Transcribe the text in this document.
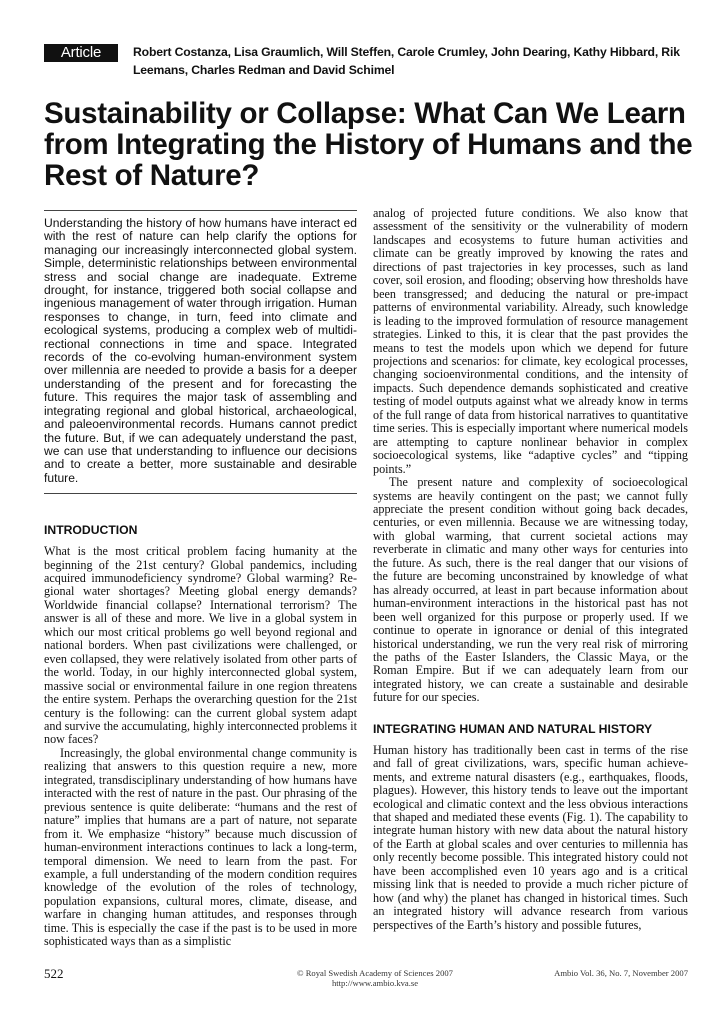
Article	Robert Costanza, Lisa Graumlich, Will Steffen, Carole Crumley, John Dearing, Kathy Hibbard, Rik Leemans, Charles Redman and David Schimel
Sustainability or Collapse: What Can We Learn from Integrating the History of Humans and the Rest of Nature?

Understanding the history of how humans have interact ed with the rest of nature can help clarify the options for managing our increasingly interconnected global system. Simple, deterministic relationships between environmental stress and social change are inadequate. Extreme drought, for instance, triggered both social collapse and ingenious management of water through irrigation. Human responses to change, in turn, feed into climate and ecological systems, producing a complex web of multidirectional connections in time and space. Integrated records of the co-evolving human-environment system over millennia are needed to provide a basis for a deeper understanding of the present and for forecasting the future. This requires the major task of assembling and integrating regional and global historical, archaeological, and paleoenvironmental records. Humans cannot predict the future. But, if we can adequately understand the past, we can use that understanding to influence our decisions and to create a better, more sustainable and desirable future.

INTRODUCTION

What is the most critical problem facing humanity at the beginning of the 21st century? Global pandemics, including acquired immunodeficiency syndrome? Global warming? Regional water shortages? Meeting global energy demands? Worldwide financial collapse? International terrorism? The answer is all of these and more. We live in a global system in which our most critical problems go well beyond regional and national borders. When past civilizations were challenged, or even collapsed, they were relatively isolated from other parts of the world. Today, in our highly interconnected global system, massive social or environmental failure in one region threatens the entire system. Perhaps the overarching question for the 21st century is the following: can the current global system adapt and survive the accumulating, highly interconnected problems it now faces?

Increasingly, the global environmental change community is realizing that answers to this question require a new, more integrated, transdisciplinary understanding of how humans have interacted with the rest of nature in the past. Our phrasing of the previous sentence is quite deliberate: “humans and the rest of nature” implies that humans are a part of nature, not separate from it. We emphasize “history” because much discussion of human-environment interactions continues to lack a long-term, temporal dimension. We need to learn from the past. For example, a full understanding of the modern condition requires knowledge of the evolution of the roles of technology, population expansions, cultural mores, climate, disease, and warfare in changing human attitudes, and responses through time. This is especially the case if the past is to be used in more sophisticated ways than as a simplistic

analog of projected future conditions. We also know that assessment of the sensitivity or the vulnerability of modern landscapes and ecosystems to future human activities and climate can be greatly improved by knowing the rates and directions of past trajectories in key processes, such as land cover, soil erosion, and flooding; observing how thresholds have been transgressed; and deducing the natural or pre-impact patterns of environmental variability. Already, such knowledge is leading to the improved formulation of resource management strategies. Linked to this, it is clear that the past provides the means to test the models upon which we depend for future projections and scenarios: for climate, key ecological processes, changing socioenvironmental conditions, and the intensity of impacts. Such dependence demands sophisticated and creative testing of model outputs against what we already know in terms of the full range of data from historical narratives to quantitative time series. This is especially important where numerical models are attempting to capture nonlinear behavior in complex socioecological systems, like “adaptive cycles” and “tipping points.”

The present nature and complexity of socioecological systems are heavily contingent on the past; we cannot fully appreciate the present condition without going back decades, centuries, or even millennia. Because we are witnessing today, with global warming, that current societal actions may reverberate in climatic and many other ways for centuries into the future. As such, there is the real danger that our visions of the future are becoming unconstrained by knowledge of what has already occurred, at least in part because information about human-environment interactions in the historical past has not been well organized for this purpose or properly used. If we continue to operate in ignorance or denial of this integrated historical understanding, we run the very real risk of mirroring the paths of the Easter Islanders, the Classic Maya, or the Roman Empire. But if we can adequately learn from our integrated history, we can create a sustainable and desirable future for our species.

INTEGRATING HUMAN AND NATURAL HISTORY

Human history has traditionally been cast in terms of the rise and fall of great civilizations, wars, specific human achievements, and extreme natural disasters (e.g., earthquakes, floods, plagues). However, this history tends to leave out the important ecological and climatic context and the less obvious interactions that shaped and mediated these events (Fig. 1). The capability to integrate human history with new data about the natural history of the Earth at global scales and over centuries to millennia has only recently become possible. This integrated history could not have been accomplished even 10 years ago and is a critical missing link that is needed to provide a much richer picture of how (and why) the planet has changed in historical times. Such an integrated history will advance research from various perspectives of the Earth’s history and possible futures,

522	© Royal Swedish Academy of Sciences 2007
http://www.ambio.kva.se
Ambio Vol. 36, No. 7, November 2007
